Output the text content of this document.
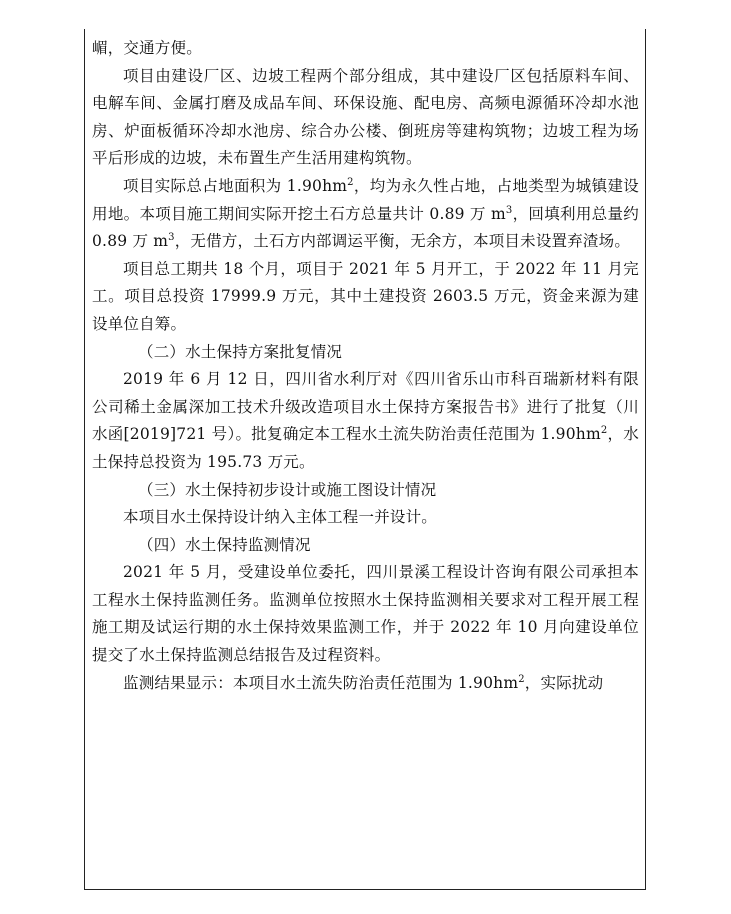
嵋，交通方便。

项目由建设厂区、边坡工程两个部分组成，其中建设厂区包括原料车间、电解车间、金属打磨及成品车间、环保设施、配电房、高频电源循环冷却水池房、炉面板循环冷却水池房、综合办公楼、倒班房等建构筑物；边坡工程为场平后形成的边坡，未布置生产生活用建构筑物。

项目实际总占地面积为 $1.90hm^2$，均为永久性占地，占地类型为城镇建设用地。本项目施工期间实际开挖土石方总量共计 0.89 万 $m^3$，回填利用总量约 0.89 万 $m^3$，无借方，土石方内部调运平衡，无余方，本项目未设置弃渣场。

项目总工期共 18 个月，项目于 2021 年 5 月开工，于 2022 年 11 月完工。项目总投资 17999.9 万元，其中土建投资 2603.5 万元，资金来源为建设单位自筹。

（二）水土保持方案批复情况

2019 年 6 月 12 日，四川省水利厅对《四川省乐山市科百瑞新材料有限公司稀土金属深加工技术升级改造项目水土保持方案报告书》进行了批复（川水函[2019]721 号）。批复确定本工程水土流失防治责任范围为 $1.90hm^2$，水土保持总投资为 195.73 万元。

（三）水土保持初步设计或施工图设计情况

本项目水土保持设计纳入主体工程一并设计。

（四）水土保持监测情况

2021 年 5 月，受建设单位委托，四川景溪工程设计咨询有限公司承担本工程水土保持监测任务。监测单位按照水土保持监测相关要求对工程开展工程施工期及试运行期的水土保持效果监测工作，并于 2022 年 10 月向建设单位提交了水土保持监测总结报告及过程资料。

监测结果显示：本项目水土流失防治责任范围为 $1.90hm^2$，实际扰动
